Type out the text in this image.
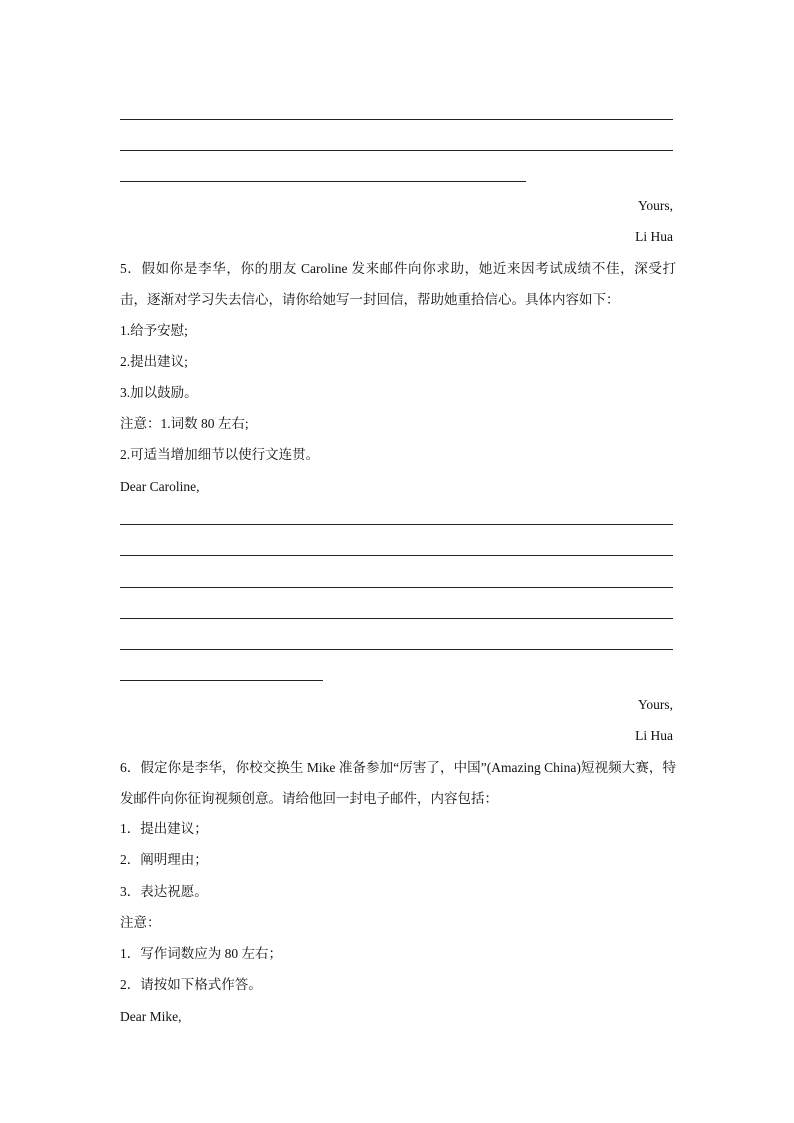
Yours,
Li Hua
5．假如你是李华，你的朋友 Caroline 发来邮件向你求助，她近来因考试成绩不佳，深受打击，逐渐对学习失去信心，请你给她写一封回信，帮助她重拾信心。具体内容如下：
1.给予安慰;
2.提出建议;
3.加以鼓励。
注意：1.词数 80 左右;
2.可适当增加细节以使行文连贯。
Dear Caroline,
Yours,
Li Hua
6．假定你是李华，你校交换生 Mike 准备参加“厉害了，中国”(Amazing China)短视频大赛，特发邮件向你征询视频创意。请给他回一封电子邮件，内容包括：
1．提出建议；
2．阐明理由；
3．表达祝愿。
注意：
1．写作词数应为 80 左右；
2．请按如下格式作答。
Dear Mike,
